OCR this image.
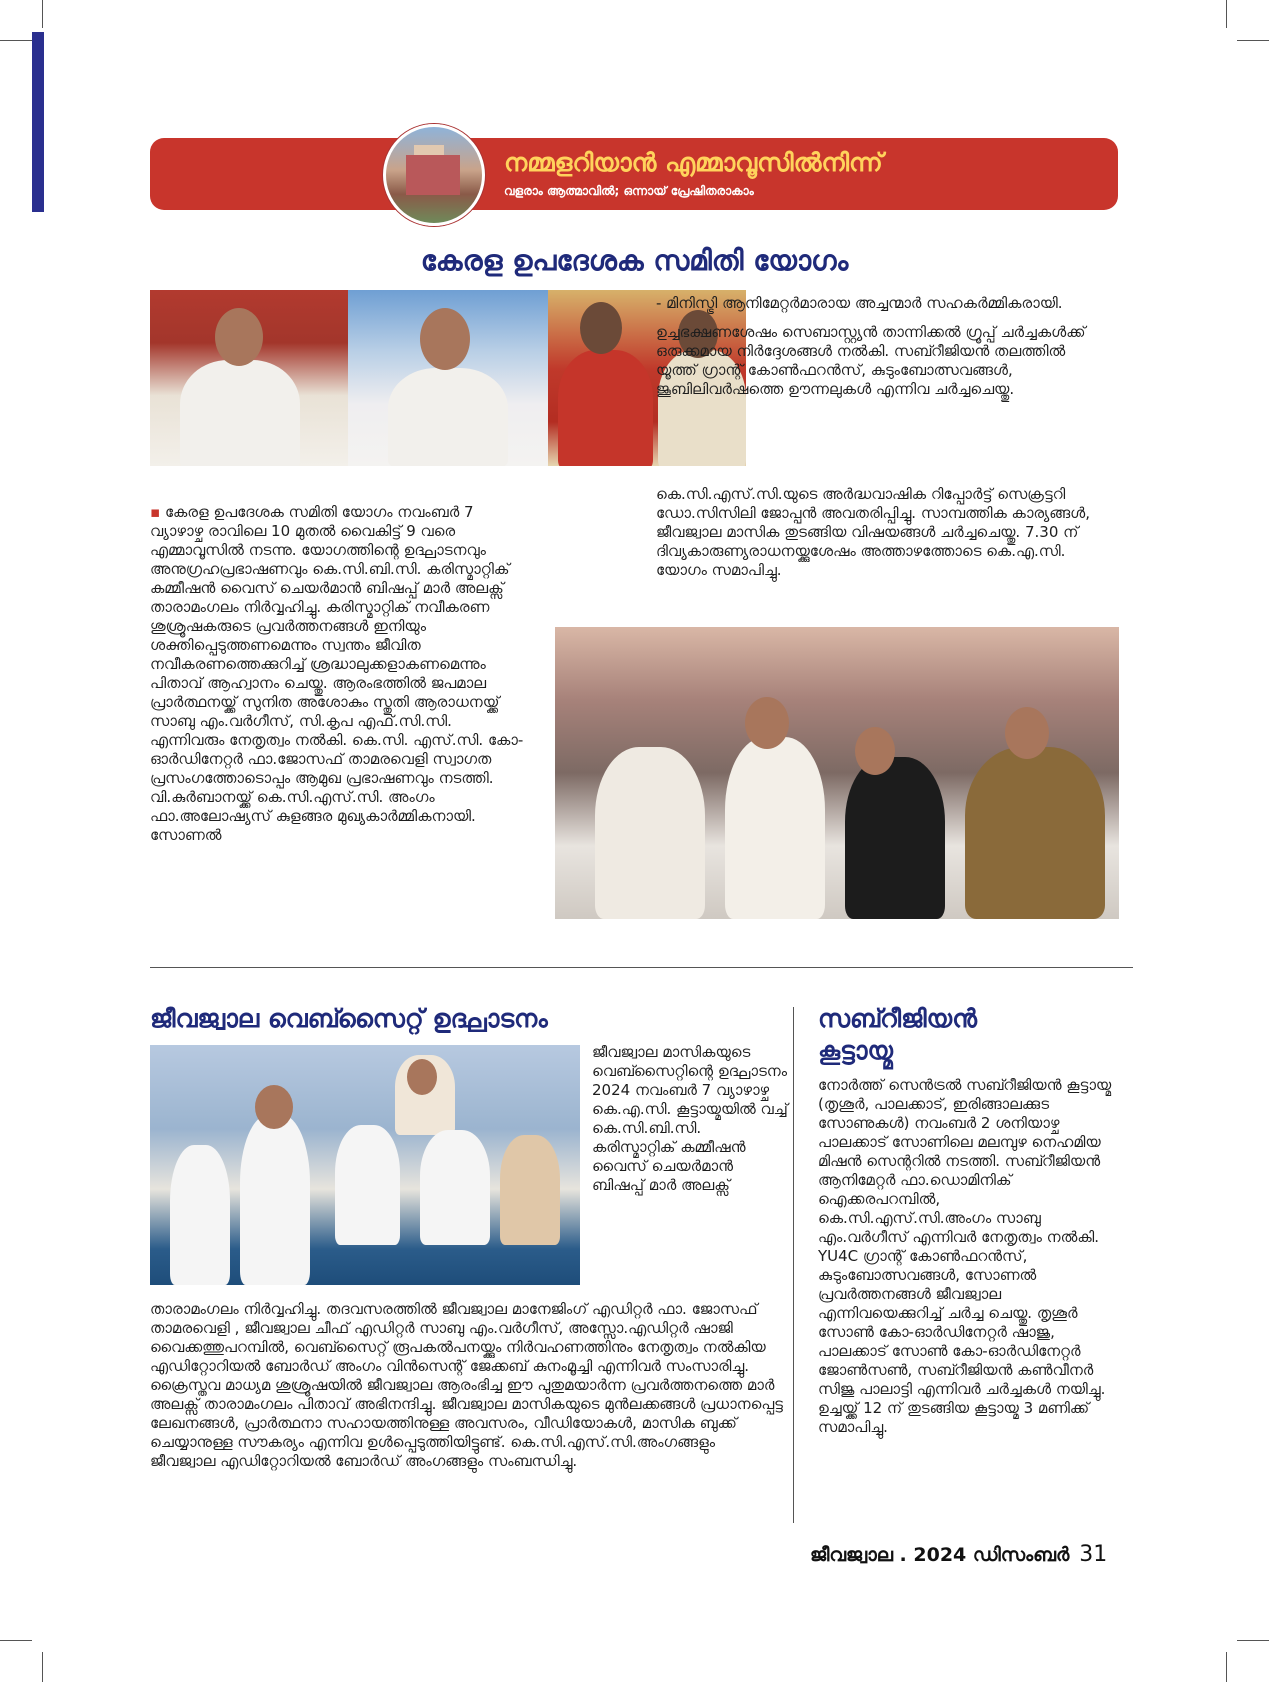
നമ്മളറിയാൻ എമ്മാവൂസിൽനിന്ന്
വളരാം ആത്മാവിൽ; ഒന്നായ് പ്രേഷിതരാകാം
കേരള ഉപദേശക സമിതി യോഗം
▪ കേരള ഉപദേശക സമിതി യോഗം നവംബർ 7 വ്യാഴാഴ്ച രാവിലെ 10 മുതൽ വൈകിട്ട് 9 വരെ എമ്മാവൂസിൽ നടന്നു. യോഗത്തിന്റെ ഉദ്ഘാടനവും അനുഗ്രഹപ്രഭാഷണവും കെ.സി.ബി.സി. കരിസ്മാറ്റിക് കമ്മീഷൻ വൈസ് ചെയർമാൻ ബിഷപ്പ് മാർ അലക്സ് താരാമംഗലം നിർവ്വഹിച്ചു. കരിസ്മാറ്റിക് നവീകരണ ശുശ്രൂഷകരുടെ പ്രവർത്തനങ്ങൾ ഇനിയും ശക്തിപ്പെടുത്തണമെന്നും സ്വന്തം ജീവിത നവീകരണത്തെക്കുറിച്ച് ശ്രദ്ധാലുക്കളാകണമെന്നും പിതാവ് ആഹ്വാനം ചെയ്തു. ആരംഭത്തിൽ ജപമാല പ്രാർത്ഥനയ്ക്ക് സുനിത അശോകും സ്തുതി ആരാധനയ്ക്ക് സാബു എം.വർഗീസ്, സി.കൃപ എഫ്.സി.സി. എന്നിവരും നേതൃത്വം നൽകി. കെ.സി. എസ്.സി. കോ-ഓർഡിനേറ്റർ ഫാ.ജോസഫ് താമരവെളി സ്വാഗത പ്രസംഗത്തോടൊപ്പം ആമുഖ പ്രഭാഷണവും നടത്തി. വി.കുർബാനയ്ക്ക് കെ.സി.എസ്.സി. അംഗം ഫാ.അലോഷ്യസ് കുളങ്ങര മുഖ്യകാർമ്മികനായി. സോണൽ

- മിനിസ്ട്രി ആനിമേറ്റർമാരായ അച്ചന്മാർ സഹകർമ്മികരായി.

ഉച്ചഭക്ഷണശേഷം സെബാസ്റ്റ്യൻ താന്നിക്കൽ ഗ്രൂപ്പ് ചർച്ചകൾക്ക് ഒരുക്കമായ നിർദ്ദേശങ്ങൾ നൽകി. സബ്റീജിയൻ തലത്തിൽ യൂത്ത് ഗ്രാന്റ് കോൺഫറൻസ്, കുടുംബോത്സവങ്ങൾ, ജൂബിലിവർഷത്തെ ഊന്നലുകൾ എന്നിവ ചർച്ചചെയ്തു.

കെ.സി.എസ്.സി.യുടെ അർദ്ധവാഷിക റിപ്പോർട്ട് സെക്രട്ടറി ഡോ.സിസിലി ജോപ്പൻ അവതരിപ്പിച്ചു. സാമ്പത്തിക കാര്യങ്ങൾ, ജീവജ്വാല മാസിക തുടങ്ങിയ വിഷയങ്ങൾ ചർച്ചചെയ്തു. 7.30 ന് ദിവ്യകാരുണ്യരാധനയ്ക്കുശേഷം അത്താഴത്തോടെ കെ.എ.സി. യോഗം സമാപിച്ചു.

ജീവജ്വാല വെബ്സൈറ്റ് ഉദ്ഘാടനം
ജീവജ്വാല മാസികയുടെ വെബ്സൈറ്റിന്റെ ഉദ്ഘാടനം 2024 നവംബർ 7 വ്യാഴാഴ്ച കെ.എ.സി. കൂട്ടായ്മയിൽ വച്ച് കെ.സി.ബി.സി. കരിസ്മാറ്റിക് കമ്മീഷൻ വൈസ് ചെയർമാൻ ബിഷപ്പ് മാർ അലക്സ്
താരാമംഗലം നിർവ്വഹിച്ചു. തദവസരത്തിൽ ജീവജ്വാല മാനേജിംഗ് എഡിറ്റർ ഫാ. ജോസഫ് താമരവെളി , ജീവജ്വാല ചീഫ് എഡിറ്റർ സാബു എം.വർഗീസ്, അസ്സോ.എഡിറ്റർ ഷാജി വൈക്കത്തുപറമ്പിൽ, വെബ്സൈറ്റ് രൂപകൽപനയ്ക്കും നിർവഹണത്തിനും നേതൃത്വം നൽകിയ എഡിറ്റോറിയൽ ബോർഡ് അംഗം വിൻസെന്റ് ജേക്കബ് കുനംമൂച്ചി എന്നിവർ സംസാരിച്ചു. ക്രൈസ്തവ മാധ്യമ ശുശ്രൂഷയിൽ ജീവജ്വാല ആരംഭിച്ച ഈ പുതുമയാർന്ന പ്രവർത്തനത്തെ മാർ അലക്സ് താരാമംഗലം പിതാവ് അഭിനന്ദിച്ചു. ജീവജ്വാല മാസികയുടെ മുൻലക്കങ്ങൾ പ്രധാനപ്പെട്ട ലേഖനങ്ങൾ, പ്രാർത്ഥനാ സഹായത്തിനുള്ള അവസരം, വീഡിയോകൾ, മാസിക ബുക്ക് ചെയ്യാനുള്ള സൗകര്യം എന്നിവ ഉൾപ്പെടുത്തിയിട്ടുണ്ട്. കെ.സി.എസ്.സി.അംഗങ്ങളും ജീവജ്വാല എഡിറ്റോറിയൽ ബോർഡ് അംഗങ്ങളും സംബന്ധിച്ചു.
സബ്റീജിയൻ
കൂട്ടായ്മ
നോർത്ത് സെൻട്രൽ സബ്റീജിയൻ കൂട്ടായ്മ (തൃശൂർ, പാലക്കാട്, ഇരിങ്ങാലക്കുട സോണുകൾ) നവംബർ 2 ശനിയാഴ്ച പാലക്കാട് സോണിലെ മലമ്പുഴ നെഹമിയ മിഷൻ സെന്ററിൽ നടത്തി. സബ്റീജിയൻ ആനിമേറ്റർ ഫാ.ഡൊമിനിക് ഐക്കരപറമ്പിൽ, കെ.സി.എസ്.സി.അംഗം സാബു എം.വർഗീസ് എന്നിവർ നേതൃത്വം നൽകി. YU4C ഗ്രാന്റ് കോൺഫറൻസ്, കുടുംബോത്സവങ്ങൾ, സോണൽ പ്രവർത്തനങ്ങൾ ജീവജ്വാല എന്നിവയെക്കുറിച്ച് ചർച്ച ചെയ്തു. തൃശൂർ സോൺ കോ-ഓർഡിനേറ്റർ ഷാജു, പാലക്കാട് സോൺ കോ-ഓർഡിനേറ്റർ ജോൺസൺ, സബ്റീജിയൻ കൺവീനർ സിജു പാലാട്ടി എന്നിവർ ചർച്ചകൾ നയിച്ചു. ഉച്ചയ്ക്ക് 12 ന് തുടങ്ങിയ കൂട്ടായ്മ 3 മണിക്ക് സമാപിച്ചു.
ജീവജ്വാല . 2024 ഡിസംബർ 31
